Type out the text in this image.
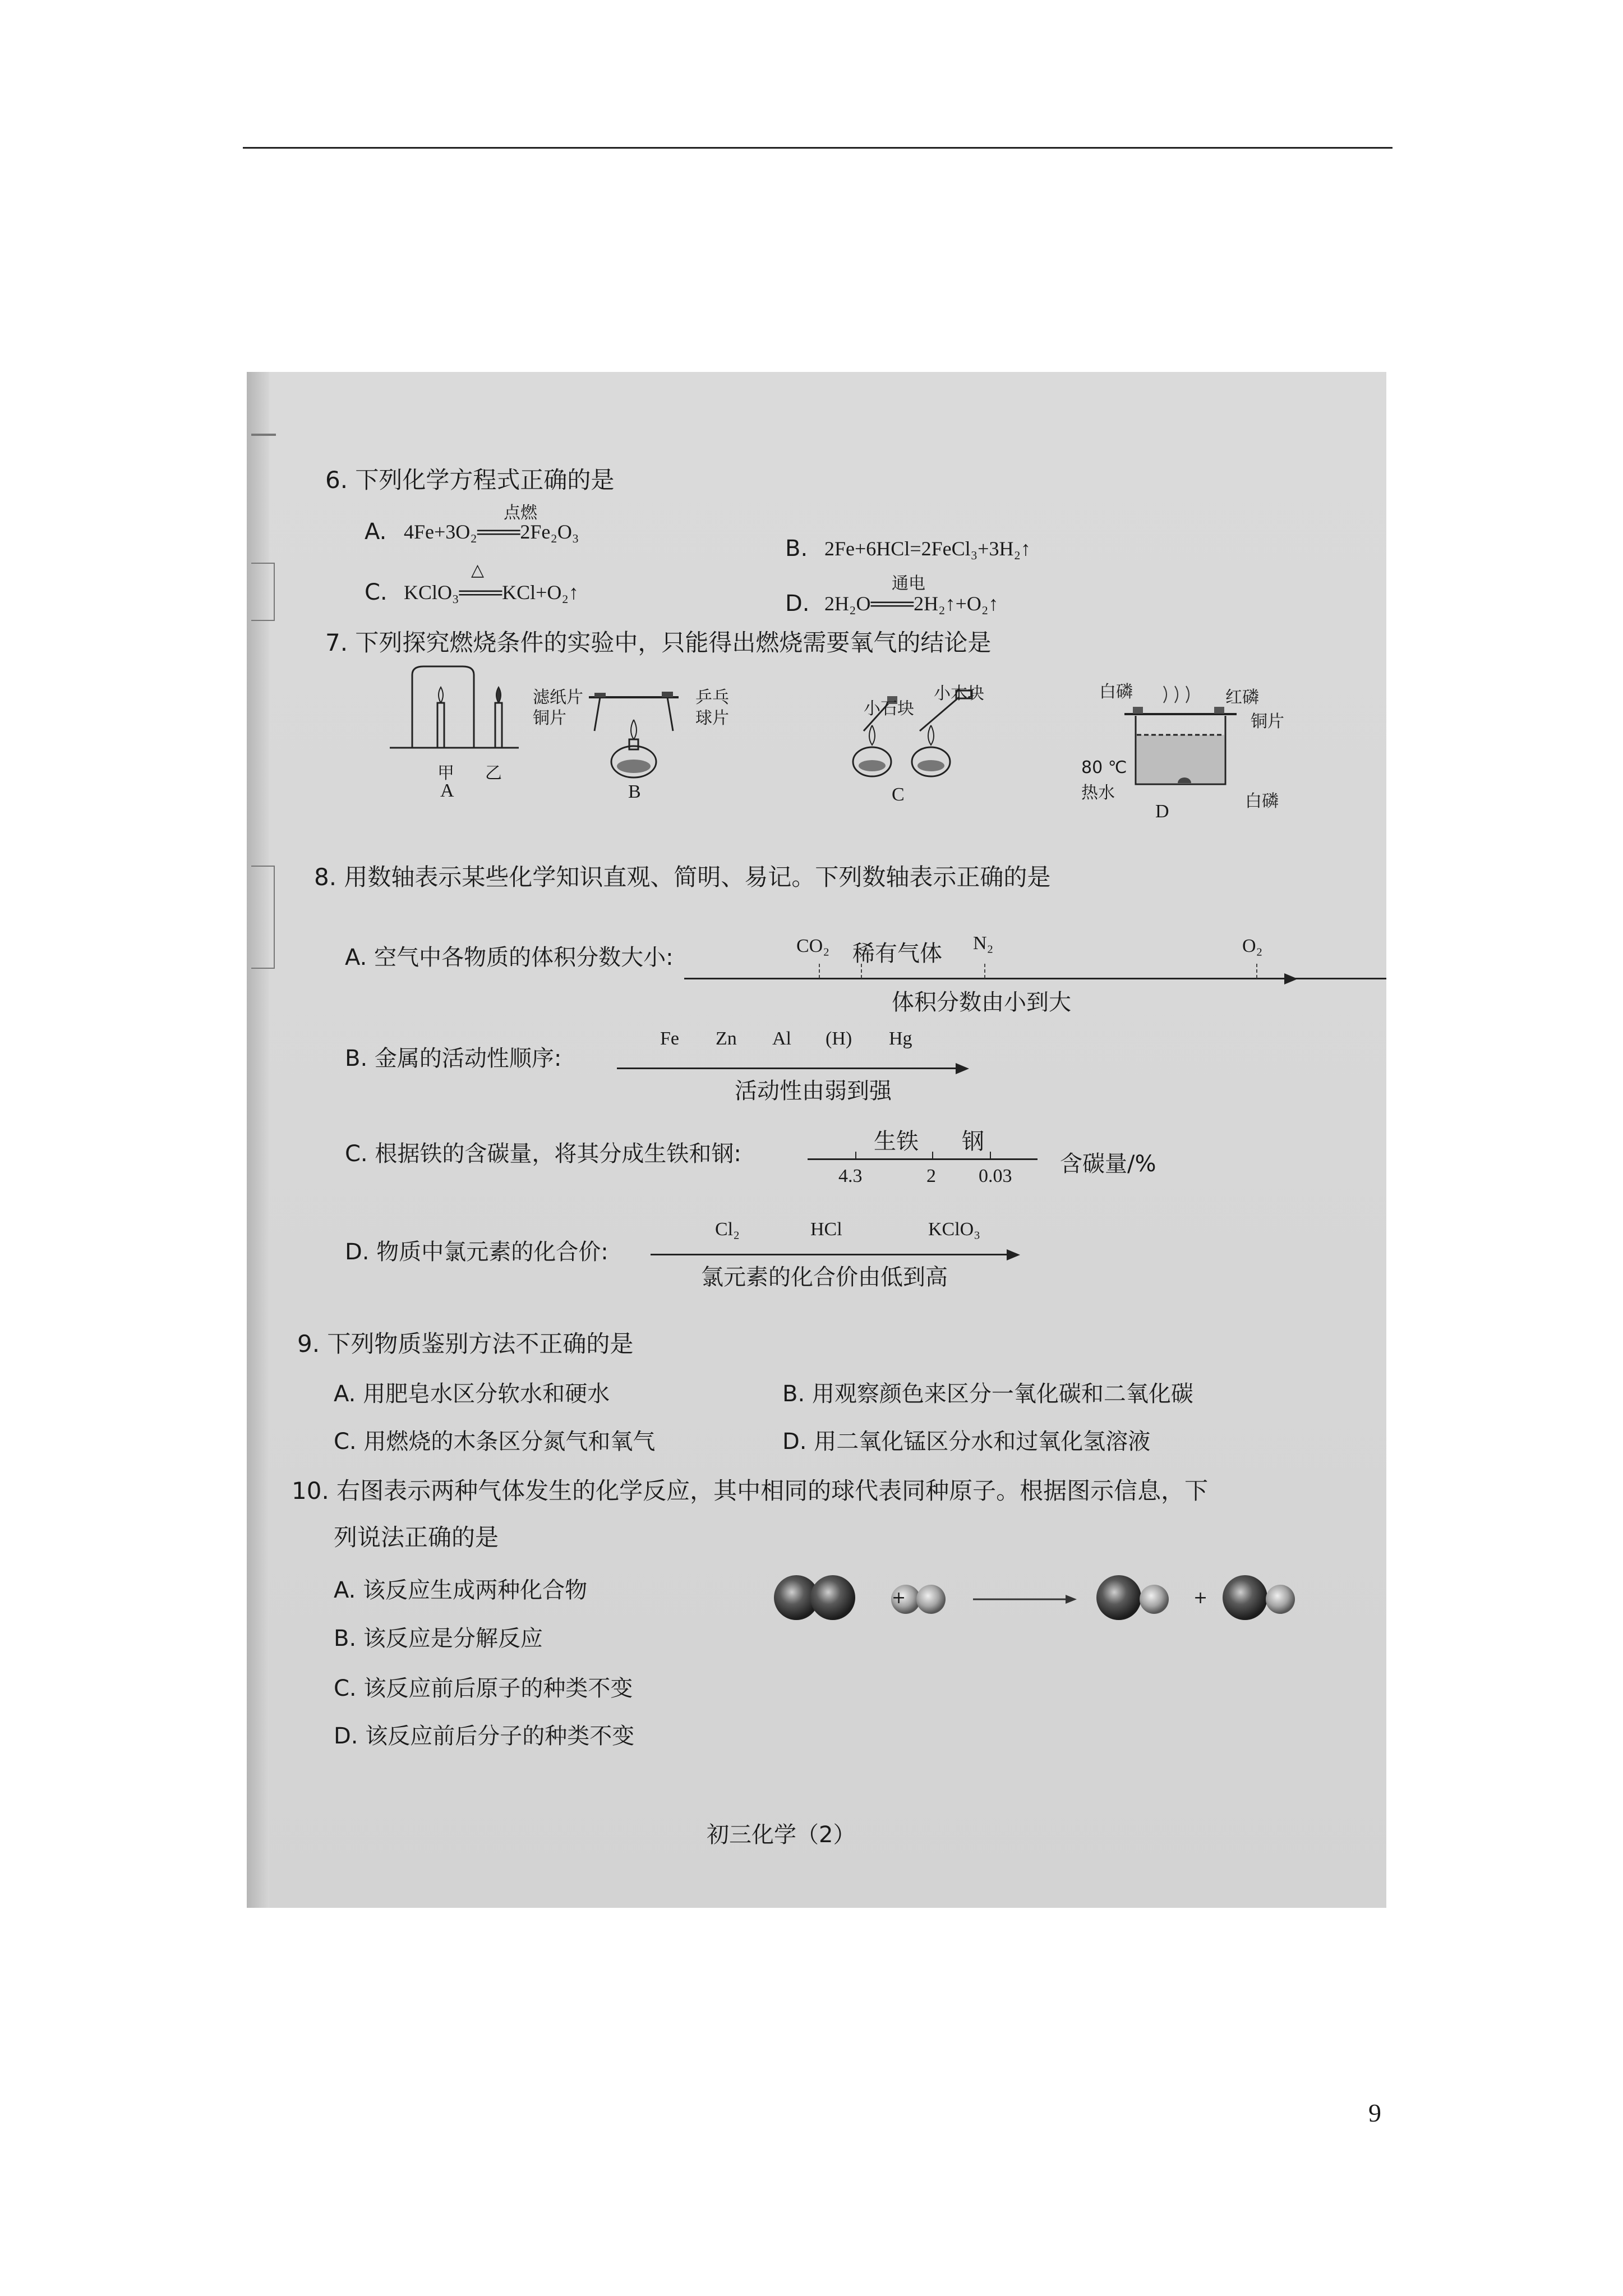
6. 下列化学方程式正确的是
A. 4Fe+3O₂═══2Fe₂O₃
点燃
B. 2Fe+6HCl=2FeCl₃+3H₂↑
C. KClO₃═══KCl+O₂↑
△
D. 2H₂O═══2H₂↑+O₂↑
通电
7. 下列探究燃烧条件的实验中，只能得出燃烧需要氧气的结论是
甲 乙
A
滤纸片
铜片
乒乓
球片
B
小石块
小木块
C
白磷	红磷
铜片
80 ℃
热水	白磷
D
8. 用数轴表示某些化学知识直观、简明、易记。下列数轴表示正确的是
A. 空气中各物质的体积分数大小:	CO₂ 稀有气体 N₂	O₂
体积分数由小到大
B. 金属的活动性顺序:
Fe Zn Al (H) Hg
活动性由弱到强
C. 根据铁的含碳量，将其分成生铁和钢:	生铁 钢
4.3	2 0.03 含碳量/%
D. 物质中氯元素的化合价:
Cl₂	HCl	KClO₃
氯元素的化合价由低到高
9. 下列物质鉴别方法不正确的是
A. 用肥皂水区分软水和硬水	B. 用观察颜色来区分一氧化碳和二氧化碳
C. 用燃烧的木条区分氮气和氧气	D. 用二氧化锰区分水和过氧化氢溶液
10. 右图表示两种气体发生的化学反应，其中相同的球代表同种原子。根据图示信息，下
列说法正确的是
A. 该反应生成两种化合物
B. 该反应是分解反应
C. 该反应前后原子的种类不变
D. 该反应前后分子的种类不变
+	+
初三化学（2）
9
